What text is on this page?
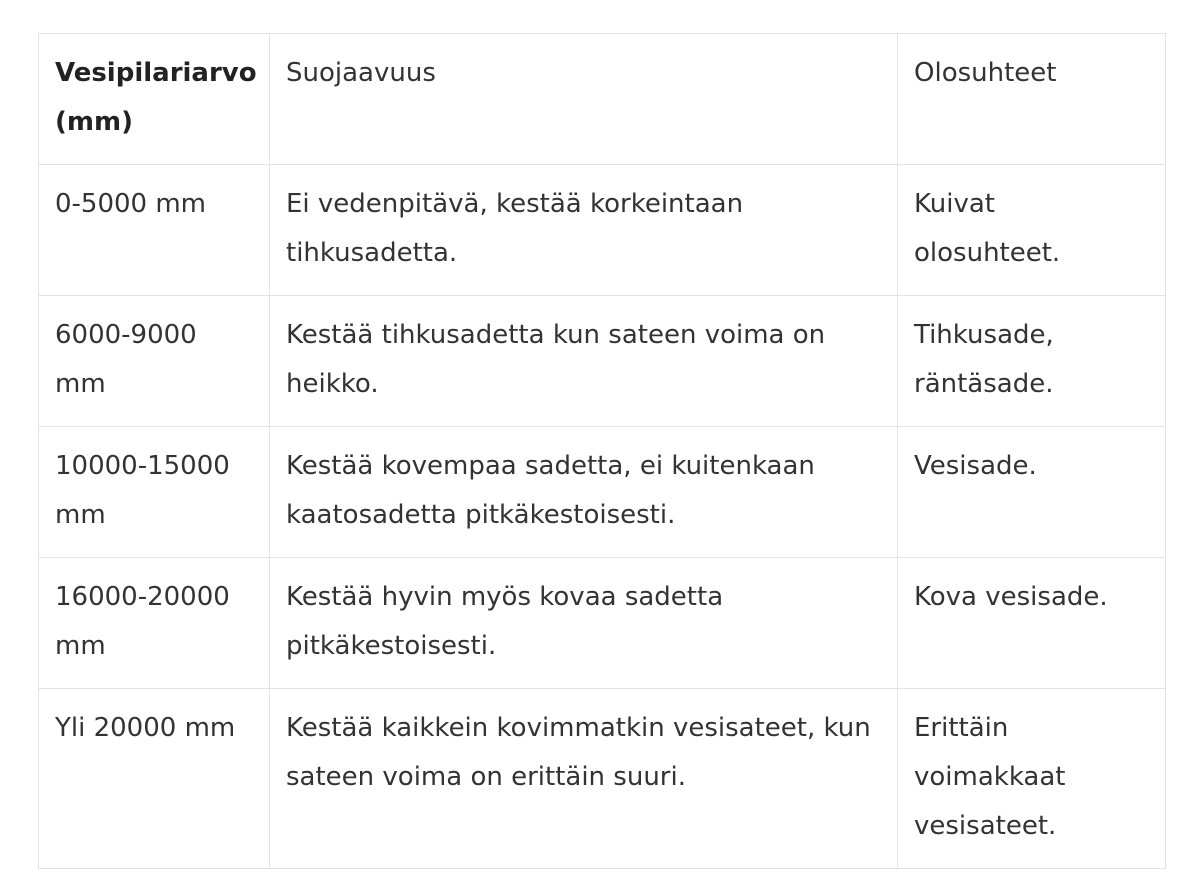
Vesipilariarvo (mm)	Suojaavuus	Olosuhteet
0-5000 mm	Ei vedenpitävä, kestää korkeintaan tihkusadetta.	Kuivat olosuhteet.
6000-9000 mm	Kestää tihkusadetta kun sateen voima on heikko.	Tihkusade, räntäsade.
10000-15000 mm	Kestää kovempaa sadetta, ei kuitenkaan kaatosadetta pitkäkestoisesti.	Vesisade.
16000-20000 mm	Kestää hyvin myös kovaa sadetta pitkäkestoisesti.	Kova vesisade.
Yli 20000 mm	Kestää kaikkein kovimmatkin vesisateet, kun sateen voima on erittäin suuri.	Erittäin voimakkaat vesisateet.
